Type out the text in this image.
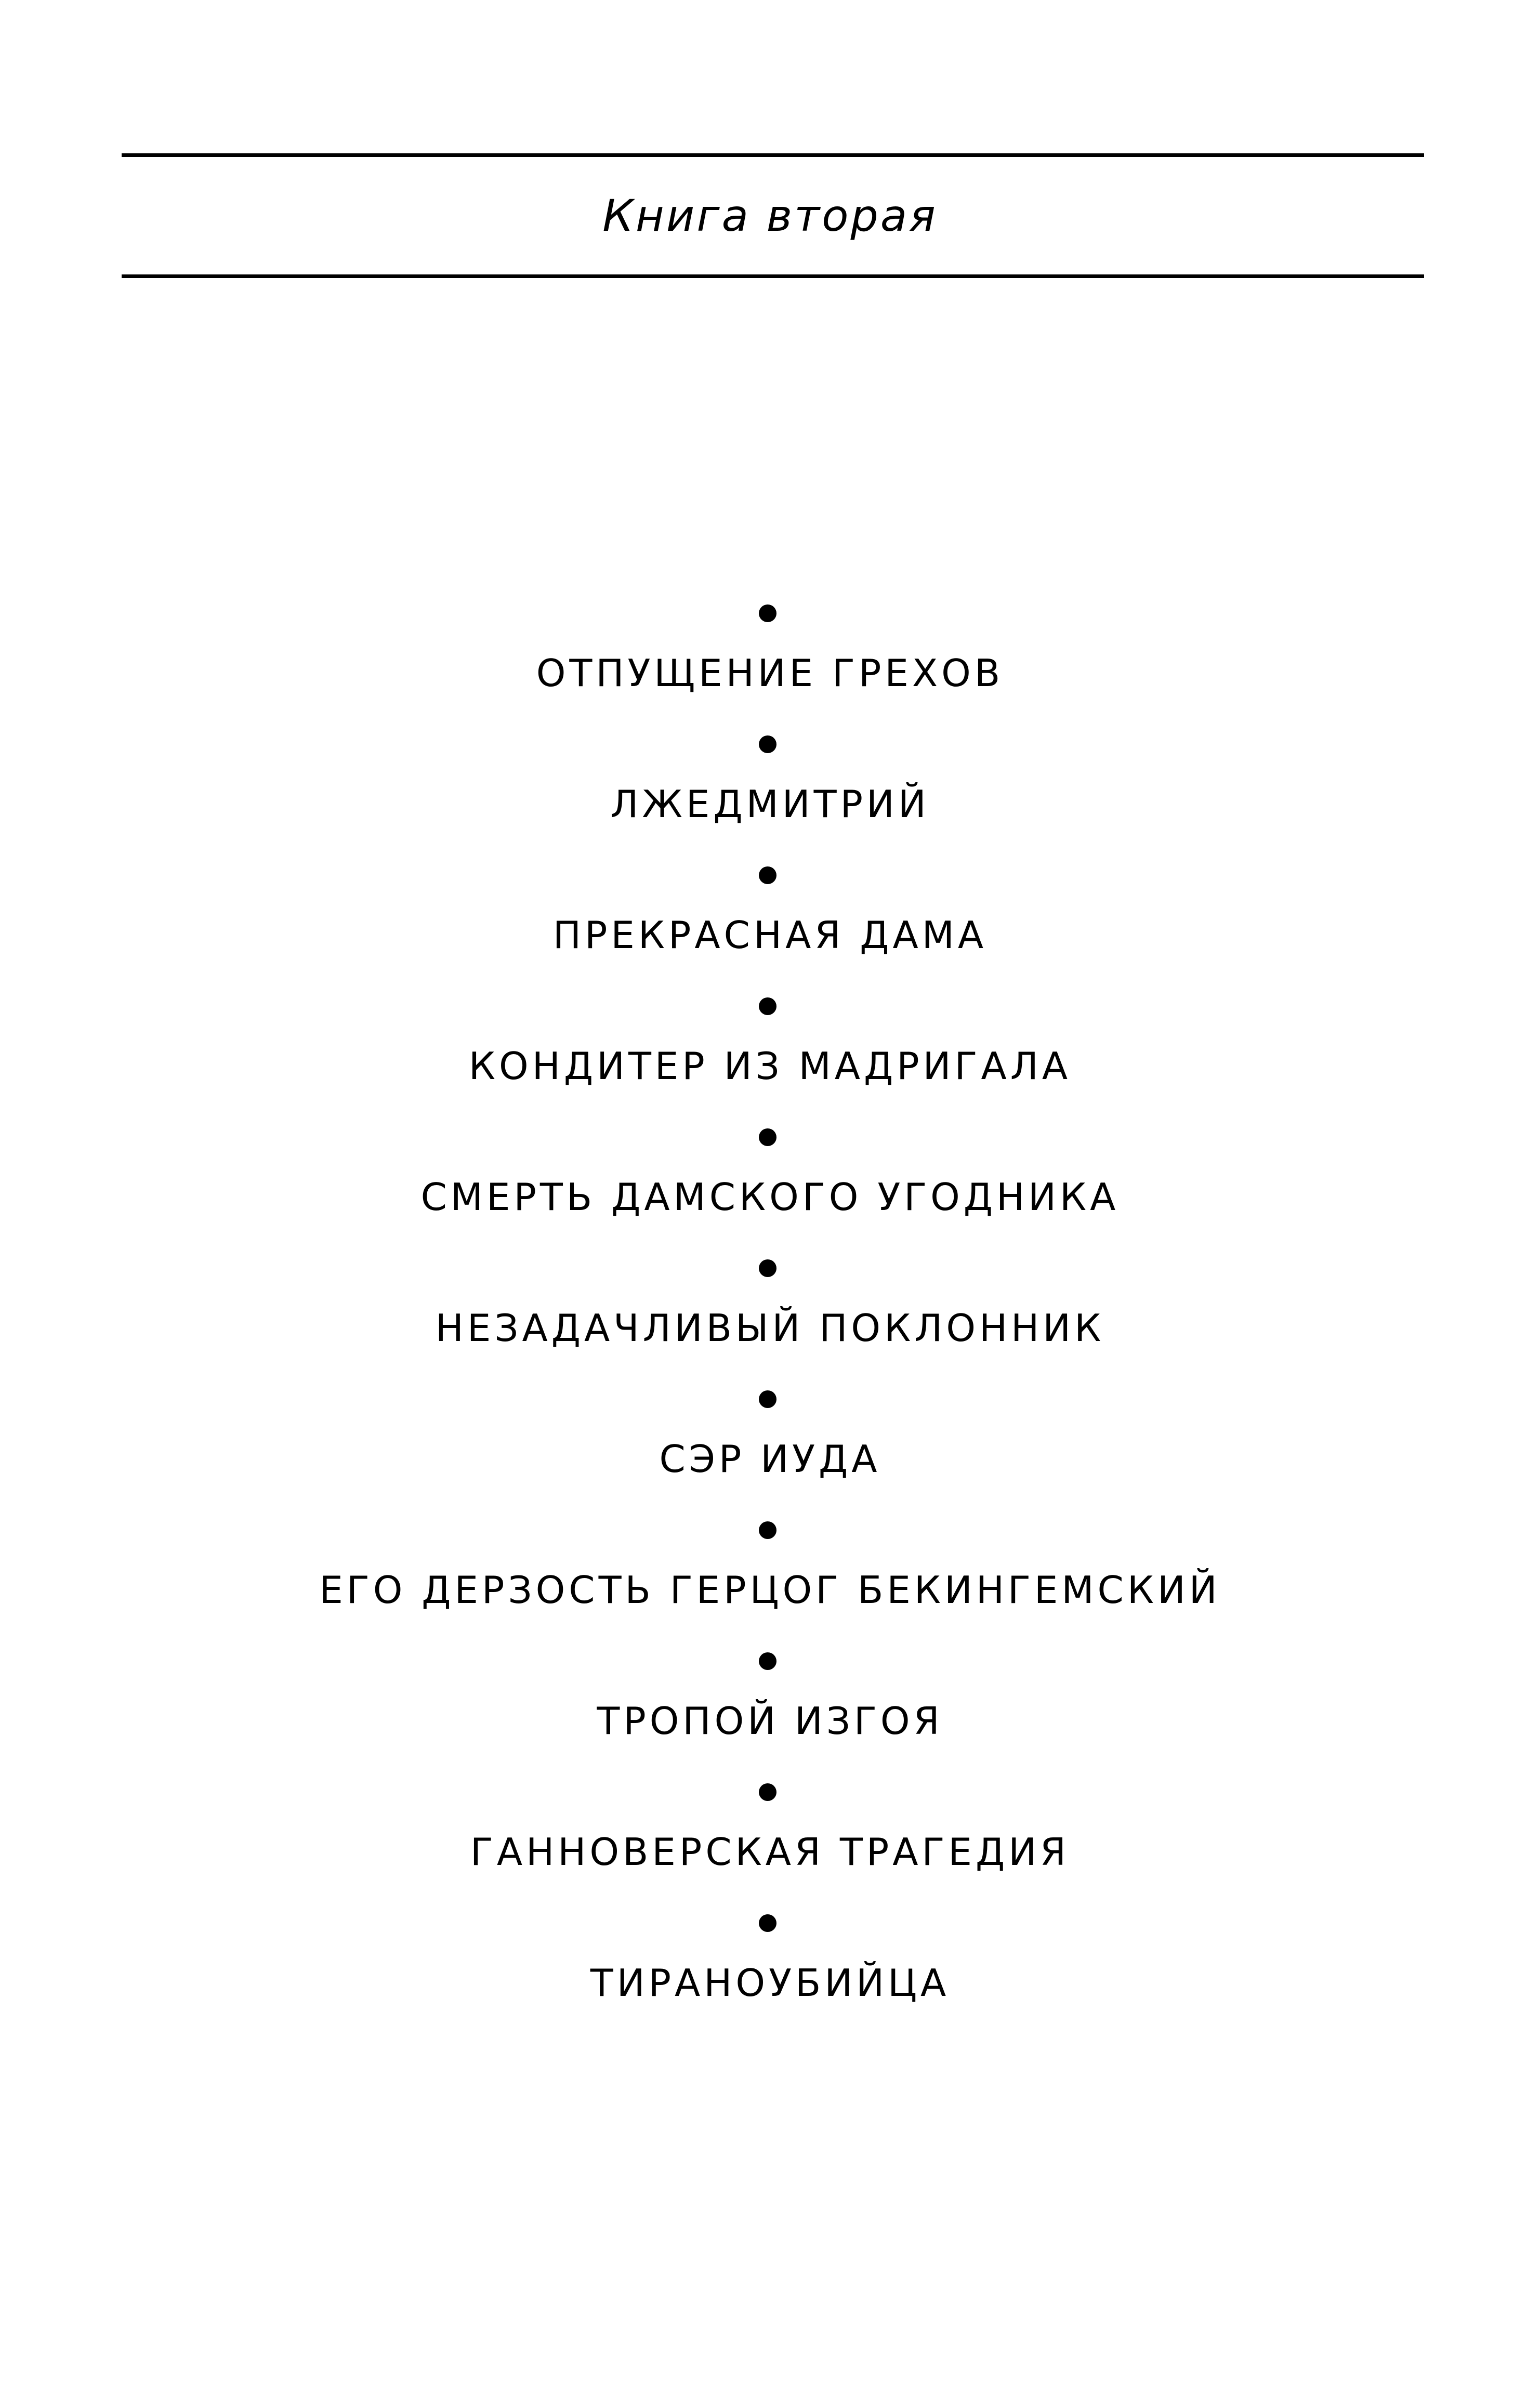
Книга вторая
ОТПУЩЕНИЕ ГРЕХОВ
ЛЖЕДМИТРИЙ
ПРЕКРАСНАЯ ДАМА
КОНДИТЕР ИЗ МАДРИГАЛА
СМЕРТЬ ДАМСКОГО УГОДНИКА
НЕЗАДАЧЛИВЫЙ ПОКЛОННИК
СЭР ИУДА
ЕГО ДЕРЗОСТЬ ГЕРЦОГ БЕКИНГЕМСКИЙ
ТРОПОЙ ИЗГОЯ
ГАННОВЕРСКАЯ ТРАГЕДИЯ
ТИРАНОУБИЙЦА
